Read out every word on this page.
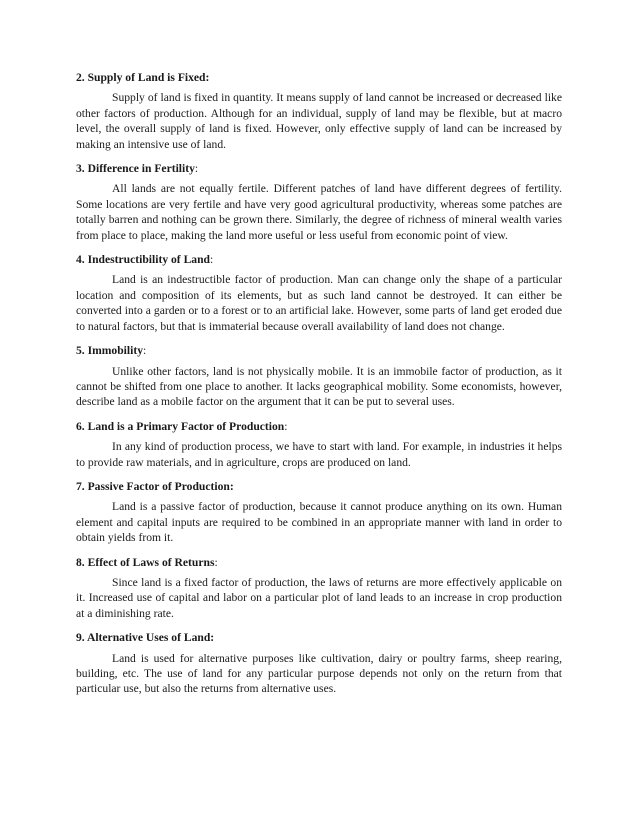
2. Supply of Land is Fixed:

Supply of land is fixed in quantity. It means supply of land cannot be increased or decreased like other factors of production. Although for an individual, supply of land may be flexible, but at macro level, the overall supply of land is fixed. However, only effective supply of land can be increased by making an intensive use of land.

3. Difference in Fertility:

All lands are not equally fertile. Different patches of land have different degrees of fertility. Some locations are very fertile and have very good agricultural productivity, whereas some patches are totally barren and nothing can be grown there. Similarly, the degree of richness of mineral wealth varies from place to place, making the land more useful or less useful from economic point of view.

4. Indestructibility of Land:

Land is an indestructible factor of production. Man can change only the shape of a particular location and composition of its elements, but as such land cannot be destroyed. It can either be converted into a garden or to a forest or to an artificial lake. However, some parts of land get eroded due to natural factors, but that is immaterial because overall availability of land does not change.

5. Immobility:

Unlike other factors, land is not physically mobile. It is an immobile factor of production, as it cannot be shifted from one place to another. It lacks geographical mobility. Some economists, however, describe land as a mobile factor on the argument that it can be put to several uses.

6. Land is a Primary Factor of Production:

In any kind of production process, we have to start with land. For example, in industries it helps to provide raw materials, and in agriculture, crops are produced on land.

7. Passive Factor of Production:

Land is a passive factor of production, because it cannot produce anything on its own. Human element and capital inputs are required to be combined in an appropriate manner with land in order to obtain yields from it.

8. Effect of Laws of Returns:

Since land is a fixed factor of production, the laws of returns are more effectively applicable on it. Increased use of capital and labor on a particular plot of land leads to an increase in crop production at a diminishing rate.

9. Alternative Uses of Land:

Land is used for alternative purposes like cultivation, dairy or poultry farms, sheep rearing, building, etc. The use of land for any particular purpose depends not only on the return from that particular use, but also the returns from alternative uses.
